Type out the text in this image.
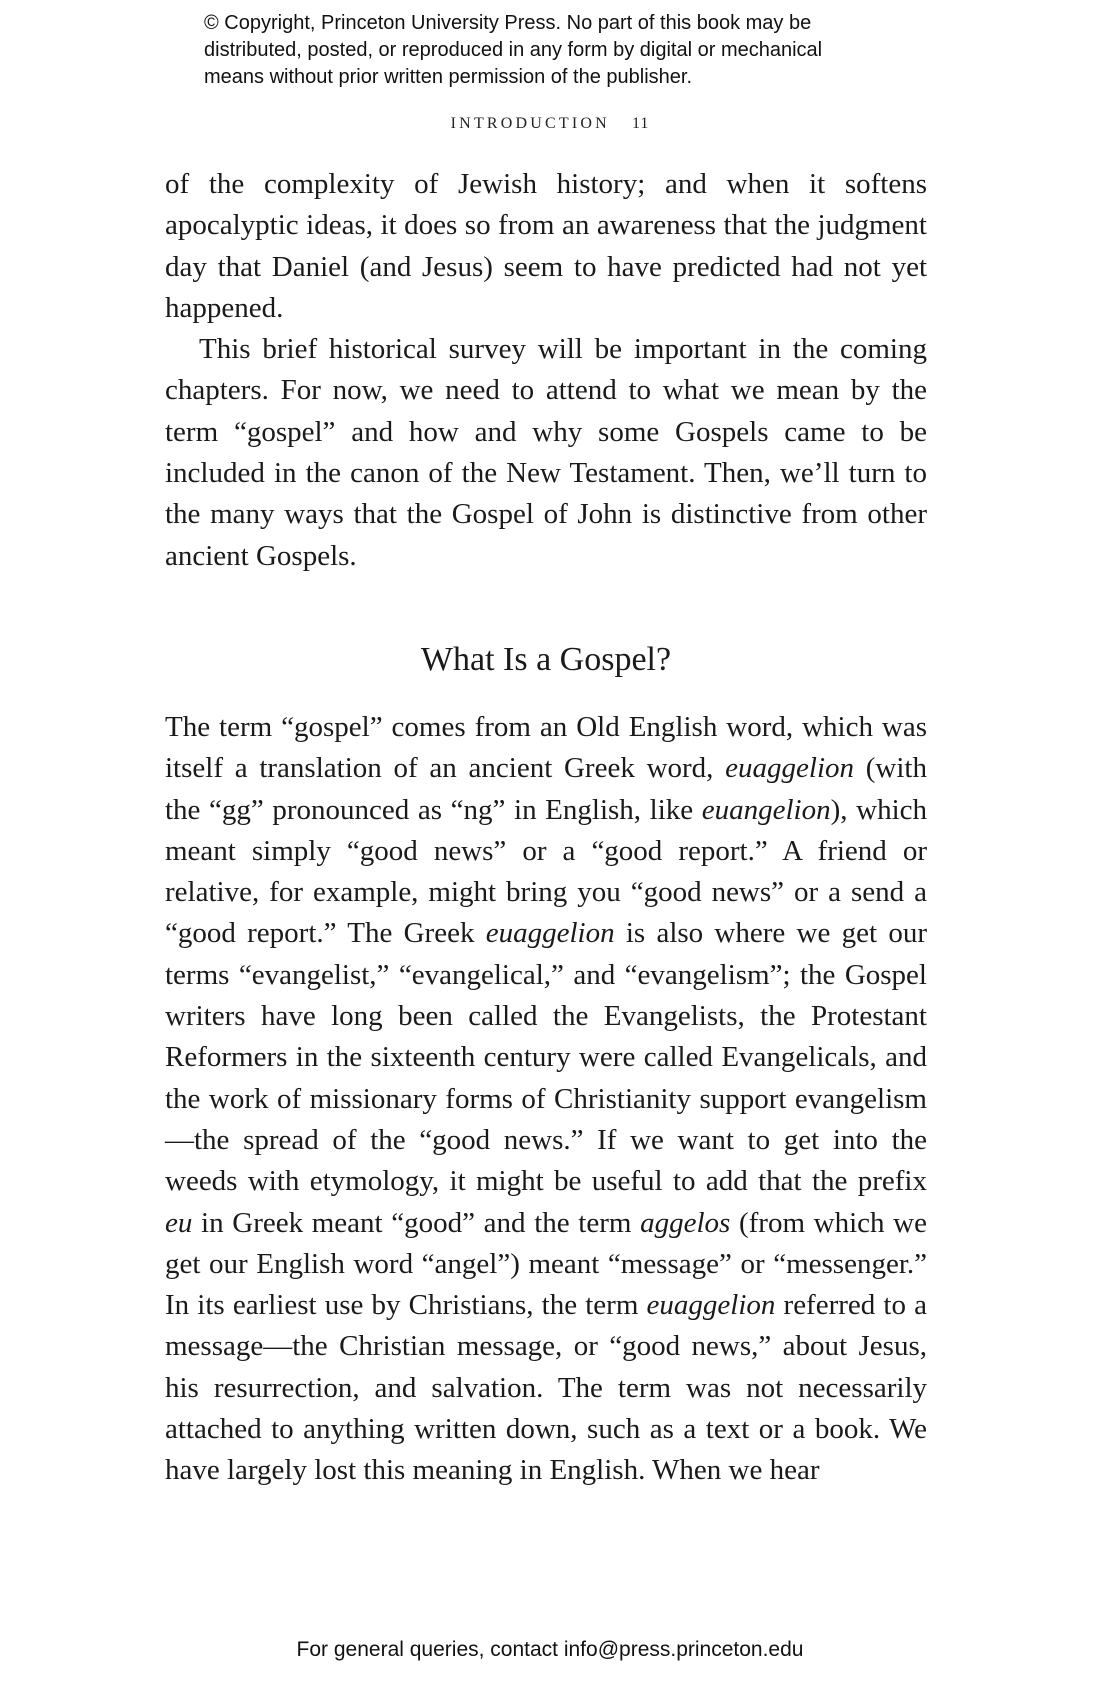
© Copyright, Princeton University Press. No part of this book may be
distributed, posted, or reproduced in any form by digital or mechanical
means without prior written permission of the publisher.
INTRODUCTION 11

of the complexity of Jewish history; and when it softens apocalyptic ideas, it does so from an awareness that the judgment day that Daniel (and Jesus) seem to have predicted had not yet happened.

This brief historical survey will be important in the coming chapters. For now, we need to attend to what we mean by the term “gospel” and how and why some Gospels came to be included in the canon of the New Testament. Then, we’ll turn to the many ways that the Gospel of John is distinctive from other ancient Gospels.

What Is a Gospel?

The term “gospel” comes from an Old English word, which was itself a translation of an ancient Greek word, euaggelion (with the “gg” pronounced as “ng” in English, like euangelion), which meant simply “good news” or a “good report.” A friend or relative, for example, might bring you “good news” or a send a “good report.” The Greek euaggelion is also where we get our terms “evangelist,” “evangelical,” and “evangelism”; the Gospel writers have long been called the Evangelists, the Protestant Reformers in the sixteenth century were called Evangelicals, and the work of missionary forms of Christianity support evangelism—the spread of the “good news.” If we want to get into the weeds with etymology, it might be useful to add that the prefix eu in Greek meant “good” and the term aggelos (from which we get our English word “angel”) meant “message” or “messenger.” In its earliest use by Christians, the term euaggelion referred to a message—the Christian message, or “good news,” about Jesus, his resurrection, and salvation. The term was not necessarily attached to anything written down, such as a text or a book. We have largely lost this meaning in English. When we hear

For general queries, contact info@press.princeton.edu
